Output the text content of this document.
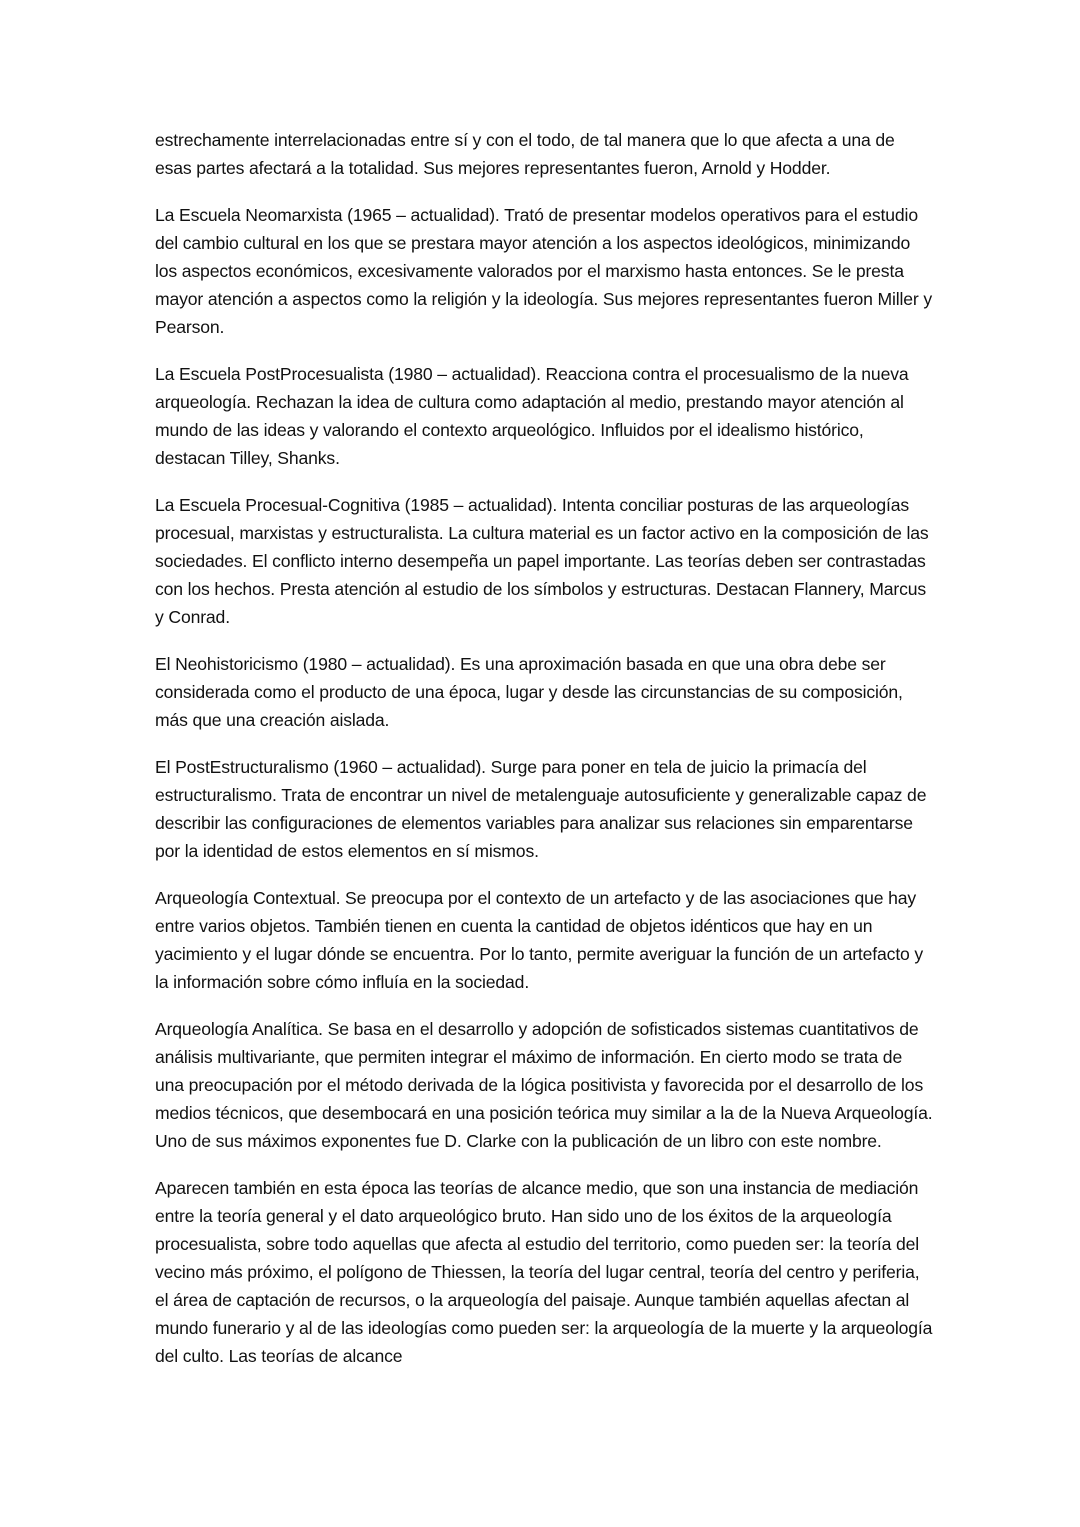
estrechamente interrelacionadas entre sí y con el todo, de tal manera que lo que afecta a una de esas partes afectará a la totalidad. Sus mejores representantes fueron, Arnold y Hodder.

La Escuela Neomarxista (1965 – actualidad). Trató de presentar modelos operativos para el estudio del cambio cultural en los que se prestara mayor atención a los aspectos ideológicos, minimizando los aspectos económicos, excesivamente valorados por el marxismo hasta entonces. Se le presta mayor atención a aspectos como la religión y la ideología. Sus mejores representantes fueron Miller y Pearson.

La Escuela PostProcesualista (1980 – actualidad). Reacciona contra el procesualismo de la nueva arqueología. Rechazan la idea de cultura como adaptación al medio, prestando mayor atención al mundo de las ideas y valorando el contexto arqueológico. Influidos por el idealismo histórico, destacan Tilley, Shanks.

La Escuela Procesual-Cognitiva (1985 – actualidad). Intenta conciliar posturas de las arqueologías procesual, marxistas y estructuralista. La cultura material es un factor activo en la composición de las sociedades. El conflicto interno desempeña un papel importante. Las teorías deben ser contrastadas con los hechos. Presta atención al estudio de los símbolos y estructuras. Destacan Flannery, Marcus y Conrad.

El Neohistoricismo (1980 – actualidad). Es una aproximación basada en que una obra debe ser considerada como el producto de una época, lugar y desde las circunstancias de su composición, más que una creación aislada.

El PostEstructuralismo (1960 – actualidad). Surge para poner en tela de juicio la primacía del estructuralismo. Trata de encontrar un nivel de metalenguaje autosuficiente y generalizable capaz de describir las configuraciones de elementos variables para analizar sus relaciones sin emparentarse por la identidad de estos elementos en sí mismos.

Arqueología Contextual. Se preocupa por el contexto de un artefacto y de las asociaciones que hay entre varios objetos. También tienen en cuenta la cantidad de objetos idénticos que hay en un yacimiento y el lugar dónde se encuentra. Por lo tanto, permite averiguar la función de un artefacto y la información sobre cómo influía en la sociedad.

Arqueología Analítica. Se basa en el desarrollo y adopción de sofisticados sistemas cuantitativos de análisis multivariante, que permiten integrar el máximo de información. En cierto modo se trata de una preocupación por el método derivada de la lógica positivista y favorecida por el desarrollo de los medios técnicos, que desembocará en una posición teórica muy similar a la de la Nueva Arqueología. Uno de sus máximos exponentes fue D. Clarke con la publicación de un libro con este nombre.

Aparecen también en esta época las teorías de alcance medio, que son una instancia de mediación entre la teoría general y el dato arqueológico bruto. Han sido uno de los éxitos de la arqueología procesualista, sobre todo aquellas que afecta al estudio del territorio, como pueden ser: la teoría del vecino más próximo, el polígono de Thiessen, la teoría del lugar central, teoría del centro y periferia, el área de captación de recursos, o la arqueología del paisaje. Aunque también aquellas afectan al mundo funerario y al de las ideologías como pueden ser: la arqueología de la muerte y la arqueología del culto. Las teorías de alcance
